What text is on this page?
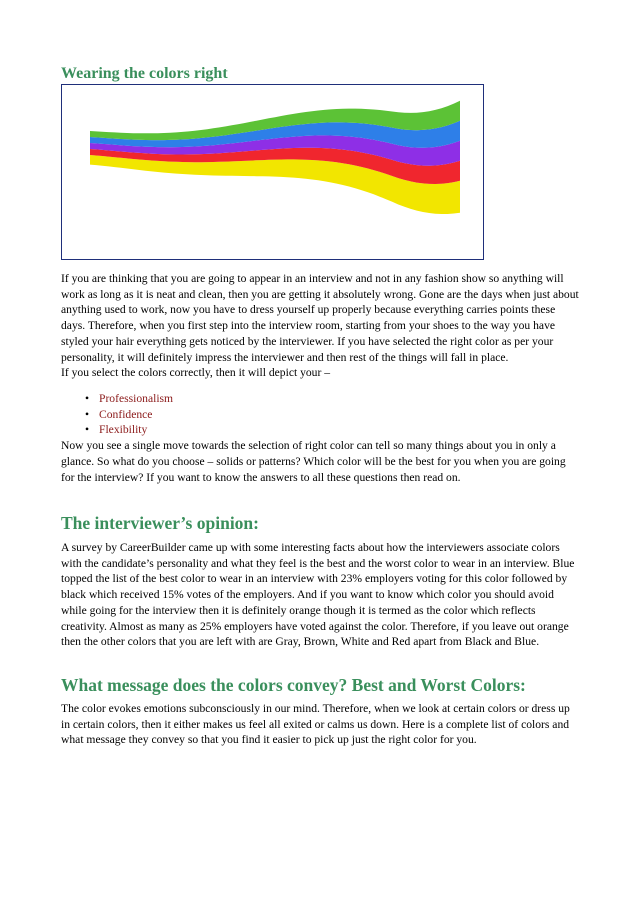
Wearing the colors right

If you are thinking that you are going to appear in an interview and not in any fashion show so anything will work as long as it is neat and clean, then you are getting it absolutely wrong. Gone are the days when just about anything used to work, now you have to dress yourself up properly because everything carries points these days. Therefore, when you first step into the interview room, starting from your shoes to the way you have styled your hair everything gets noticed by the interviewer. If you have selected the right color as per your personality, it will definitely impress the interviewer and then rest of the things will fall in place.
If you select the colors correctly, then it will depict your –

The interviewer’s opinion:

A survey by CareerBuilder came up with some interesting facts about how the interviewers associate colors with the candidate’s personality and what they feel is the best and the worst color to wear in an interview. Blue topped the list of the best color to wear in an interview with 23% employers voting for this color followed by black which received 15% votes of the employers. And if you want to know which color you should avoid while going for the interview then it is definitely orange though it is termed as the color which reflects creativity. Almost as many as 25% employers have voted against the color. Therefore, if you leave out orange then the other colors that you are left with are Gray, Brown, White and Red apart from Black and Blue.

What message does the colors convey? Best and Worst Colors:

The color evokes emotions subconsciously in our mind. Therefore, when we look at certain colors or dress up in certain colors, then it either makes us feel all exited or calms us down. Here is a complete list of colors and what message they convey so that you find it easier to pick up just the right color for you.

• Professionalism
• Confidence
• Flexibility

Now you see a single move towards the selection of right color can tell so many things about you in only a glance. So what do you choose – solids or patterns? Which color will be the best for you when you are going for the interview? If you want to know the answers to all these questions then read on.
